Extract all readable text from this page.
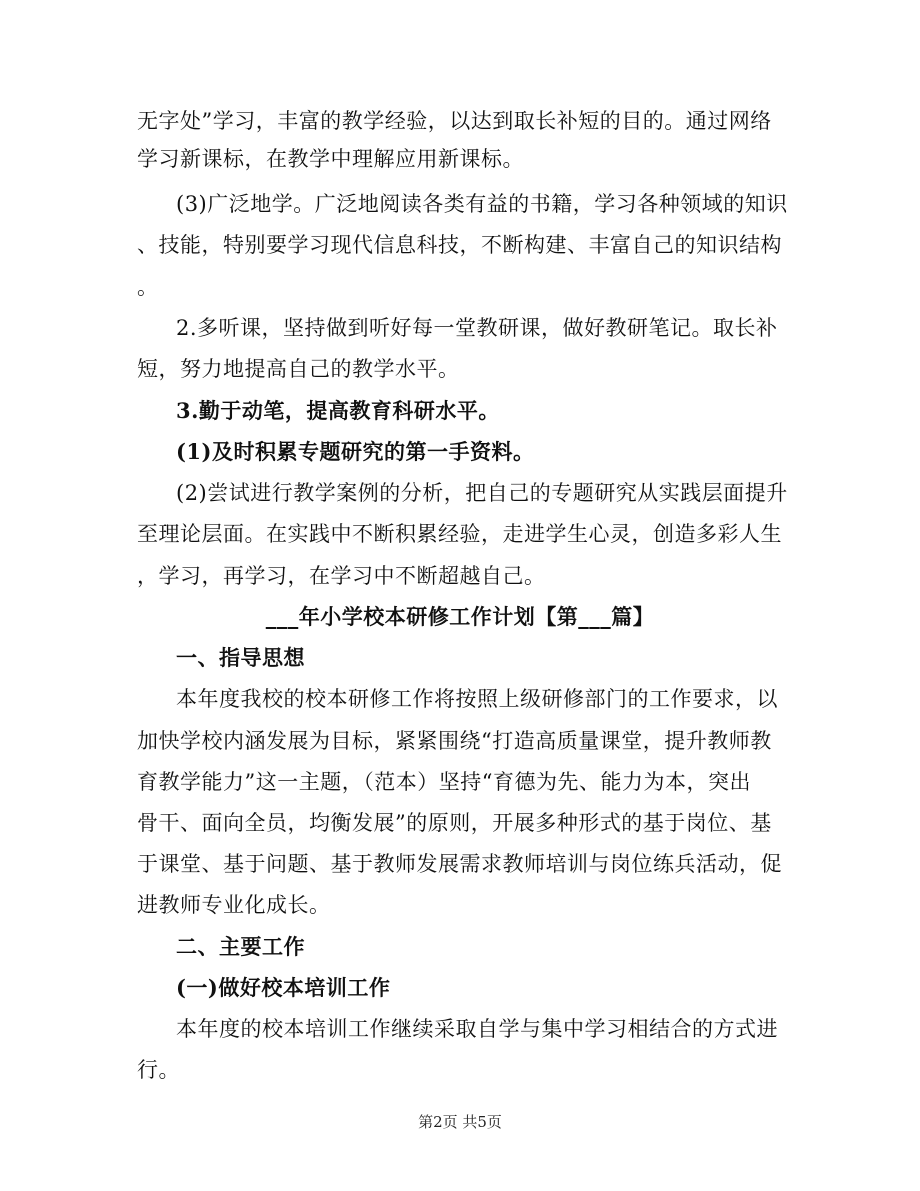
无字处”学习，丰富的教学经验，以达到取长补短的目的。通过网络
学习新课标，在教学中理解应用新课标。
(3)广泛地学。广泛地阅读各类有益的书籍，学习各种领域的知识
、技能，特别要学习现代信息科技，不断构建、丰富自己的知识结构
。
2.多听课，坚持做到听好每一堂教研课，做好教研笔记。取长补
短，努力地提高自己的教学水平。
3.勤于动笔，提高教育科研水平。
(1)及时积累专题研究的第一手资料。
(2)尝试进行教学案例的分析，把自己的专题研究从实践层面提升
至理论层面。在实践中不断积累经验，走进学生心灵，创造多彩人生
，学习，再学习，在学习中不断超越自己。
___年小学校本研修工作计划【第___篇】
一、指导思想
本年度我校的校本研修工作将按照上级研修部门的工作要求，以
加快学校内涵发展为目标，紧紧围绕“打造高质量课堂，提升教师教
育教学能力”这一主题，（范本）坚持“育德为先、能力为本，突出
骨干、面向全员，均衡发展”的原则，开展多种形式的基于岗位、基
于课堂、基于问题、基于教师发展需求教师培训与岗位练兵活动，促
进教师专业化成长。
二、主要工作
(一)做好校本培训工作
本年度的校本培训工作继续采取自学与集中学习相结合的方式进
行。
第2页 共5页
